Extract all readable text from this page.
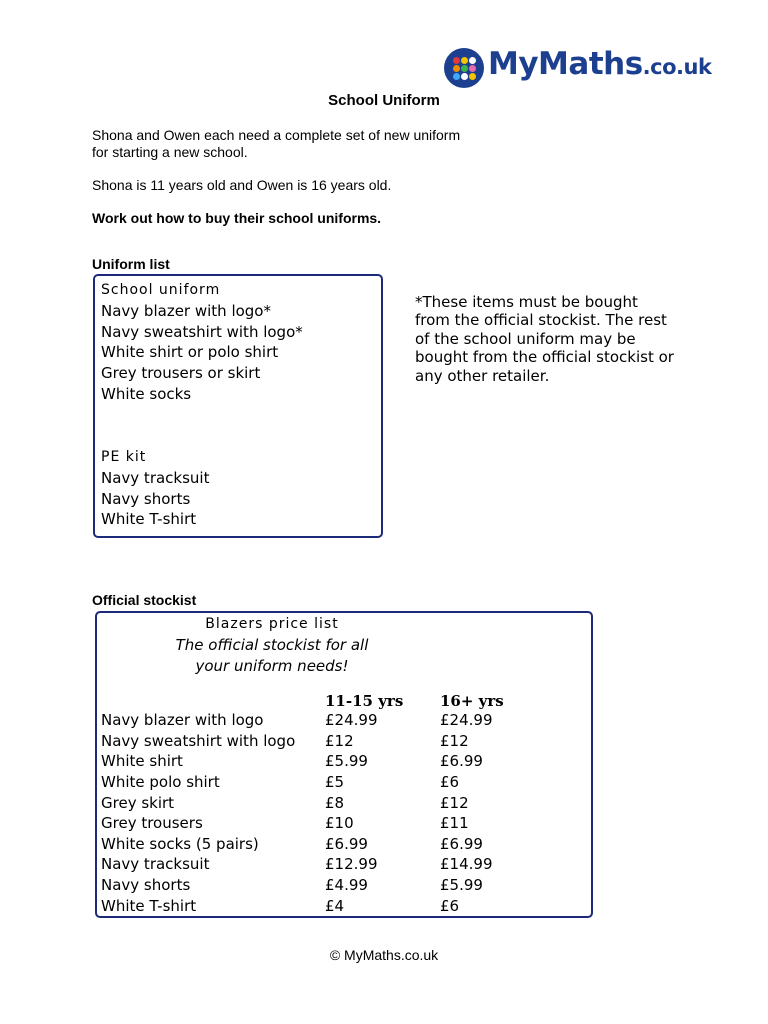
MyMaths.co.uk
School Uniform
Shona and Owen each need a complete set of new uniform for starting a new school.
Shona is 11 years old and Owen is 16 years old.
Work out how to buy their school uniforms.
Uniform list
School uniform
Navy blazer with logo*
Navy sweatshirt with logo*
White shirt or polo shirt
Grey trousers or skirt
White socks
PE kit
Navy tracksuit
Navy shorts
White T-shirt
*These items must be bought from the official stockist. The rest of the school uniform may be bought from the official stockist or any other retailer.
Official stockist
Blazers price list
The official stockist for all
your uniform needs!
	11-15 yrs	16+ yrs
Navy blazer with logo	£24.99	£24.99
Navy sweatshirt with logo	£12	£12
White shirt	£5.99	£6.99
White polo shirt	£5	£6
Grey skirt	£8	£12
Grey trousers	£10	£11
White socks (5 pairs)	£6.99	£6.99
Navy tracksuit	£12.99	£14.99
Navy shorts	£4.99	£5.99
White T-shirt	£4	£6
© MyMaths.co.uk
